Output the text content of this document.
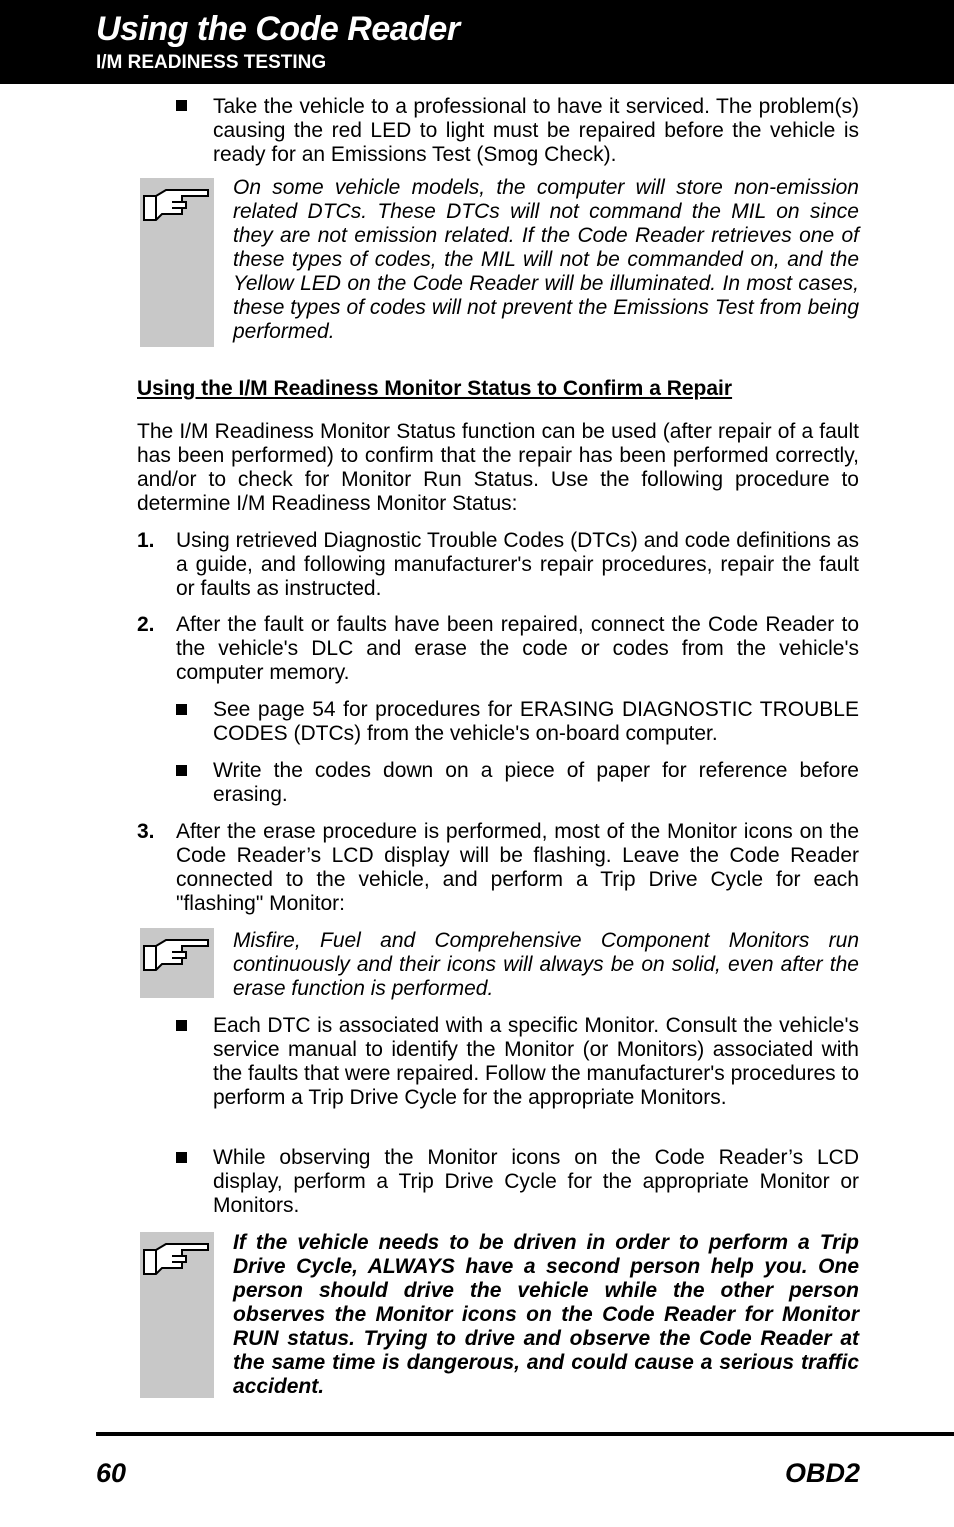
Using the Code Reader
I/M READINESS TESTING
Take the vehicle to a professional to have it serviced. The problem(s) causing the red LED to light must be repaired before the vehicle is ready for an Emissions Test (Smog Check).
On some vehicle models, the computer will store non-emission related DTCs. These DTCs will not command the MIL on since they are not emission related. If the Code Reader retrieves one of these types of codes, the MIL will not be commanded on, and the Yellow LED on the Code Reader will be illuminated. In most cases, these types of codes will not prevent the Emissions Test from being performed.
Using the I/M Readiness Monitor Status to Confirm a Repair
The I/M Readiness Monitor Status function can be used (after repair of a fault has been performed) to confirm that the repair has been performed correctly, and/or to check for Monitor Run Status. Use the following procedure to determine I/M Readiness Monitor Status:
1. Using retrieved Diagnostic Trouble Codes (DTCs) and code definitions as a guide, and following manufacturer's repair procedures, repair the fault or faults as instructed.
2. After the fault or faults have been repaired, connect the Code Reader to the vehicle's DLC and erase the code or codes from the vehicle's computer memory.
See page 54 for procedures for ERASING DIAGNOSTIC TROUBLE CODES (DTCs) from the vehicle's on-board computer.
Write the codes down on a piece of paper for reference before erasing.
3. After the erase procedure is performed, most of the Monitor icons on the Code Reader’s LCD display will be flashing. Leave the Code Reader connected to the vehicle, and perform a Trip Drive Cycle for each "flashing" Monitor:
Misfire, Fuel and Comprehensive Component Monitors run continuously and their icons will always be on solid, even after the erase function is performed.
Each DTC is associated with a specific Monitor. Consult the vehicle's service manual to identify the Monitor (or Monitors) associated with the faults that were repaired. Follow the manufacturer's procedures to perform a Trip Drive Cycle for the appropriate Monitors.
While observing the Monitor icons on the Code Reader’s LCD display, perform a Trip Drive Cycle for the appropriate Monitor or Monitors.
If the vehicle needs to be driven in order to perform a Trip Drive Cycle, ALWAYS have a second person help you. One person should drive the vehicle while the other person observes the Monitor icons on the Code Reader for Monitor RUN status. Trying to drive and observe the Code Reader at the same time is dangerous, and could cause a serious traffic accident.
60	OBD2
